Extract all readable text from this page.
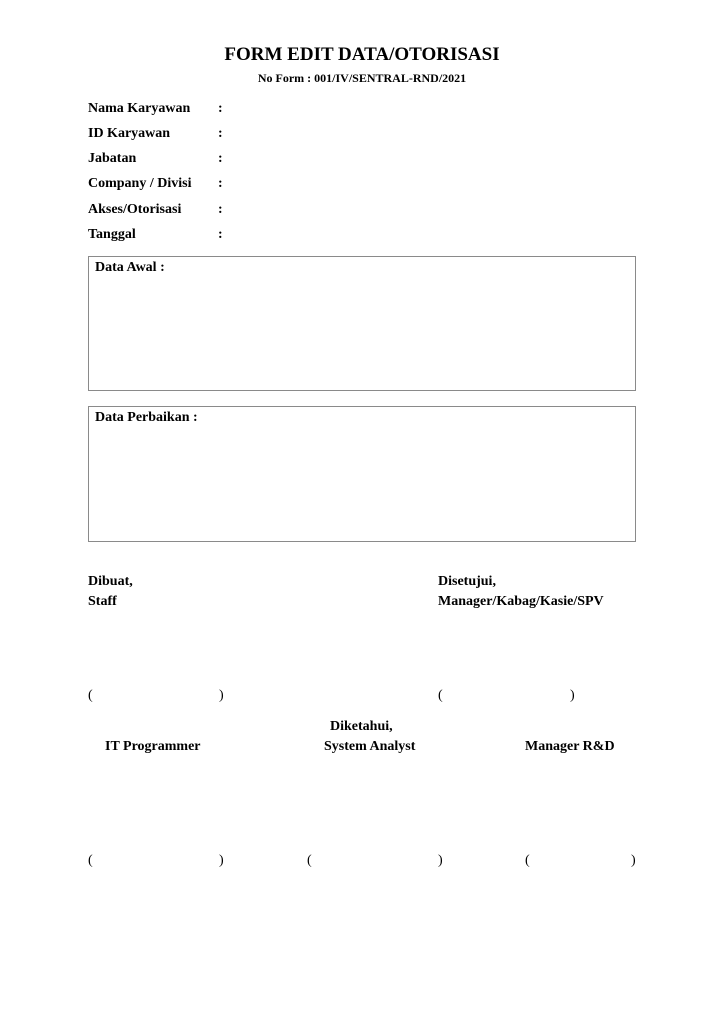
FORM EDIT DATA/OTORISASI
No Form : 001/IV/SENTRAL-RND/2021
Nama Karyawan :
ID Karyawan	:
Jabatan	:
Company / Divisi :
Akses/Otorisasi	:
Tanggal	:
Data Awal :
Data Perbaikan :
Dibuat,
Staff
Disetujui,
Manager/Kabag/Kasie/SPV
(	)	(	)
Diketahui,
IT Programmer	System Analyst	Manager R&D
(	)	(	)	(	)
